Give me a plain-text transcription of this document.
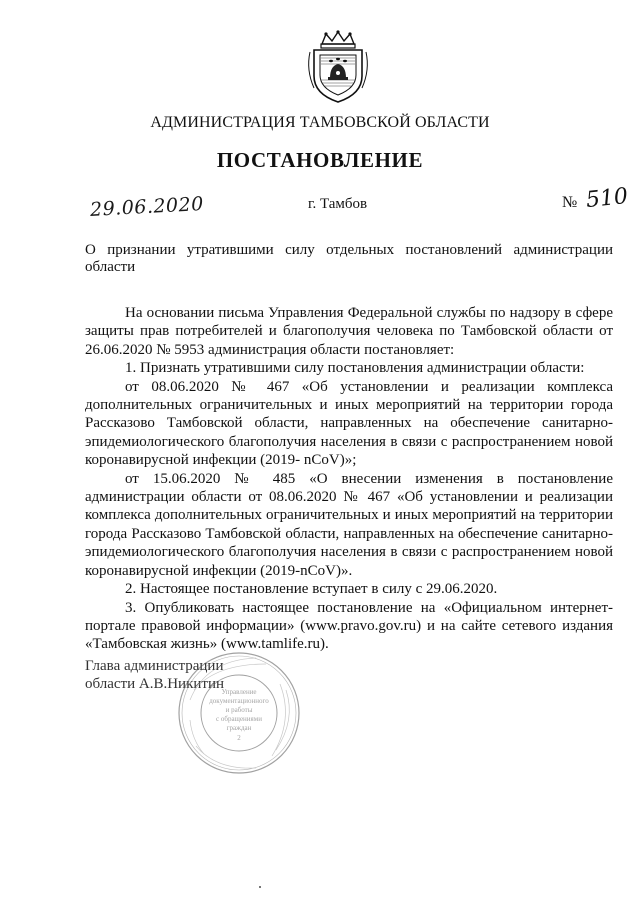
АДМИНИСТРАЦИЯ ТАМБОВСКОЙ ОБЛАСТИ
ПОСТАНОВЛЕНИЕ
29.06.2020	г. Тамбов	№ 510
О признании утратившими силу отдельных постановлений администрации области

На основании письма Управления Федеральной службы по надзору в сфере защиты прав потребителей и благополучия человека по Тамбовской области от 26.06.2020 № 5953 администрация области постановляет:

1. Признать утратившими силу постановления администрации области:

от 08.06.2020 № 467 «Об установлении и реализации комплекса дополнительных ограничительных и иных мероприятий на территории города Рассказово Тамбовской области, направленных на обеспечение санитарно-эпидемиологического благополучия населения в связи с распространением новой коронавирусной инфекции (2019- nCoV)»;

от 15.06.2020 № 485 «О внесении изменения в постановление администрации области от 08.06.2020 № 467 «Об установлении и реализации комплекса дополнительных ограничительных и иных мероприятий на территории города Рассказово Тамбовской области, направленных на обеспечение санитарно-эпидемиологического благополучия населения в связи с распространением новой коронавирусной инфекции (2019-nCoV)».

2. Настоящее постановление вступает в силу с 29.06.2020.

3. Опубликовать настоящее постановление на «Официальном интернет-портале правовой информации» (www.pravo.gov.ru) и на сайте сетевого издания «Тамбовская жизнь» (www.tamlife.ru).

Глава администрации
области А.В.Никитин
Управление
документационного
и работы
с обращениями
граждан
2
